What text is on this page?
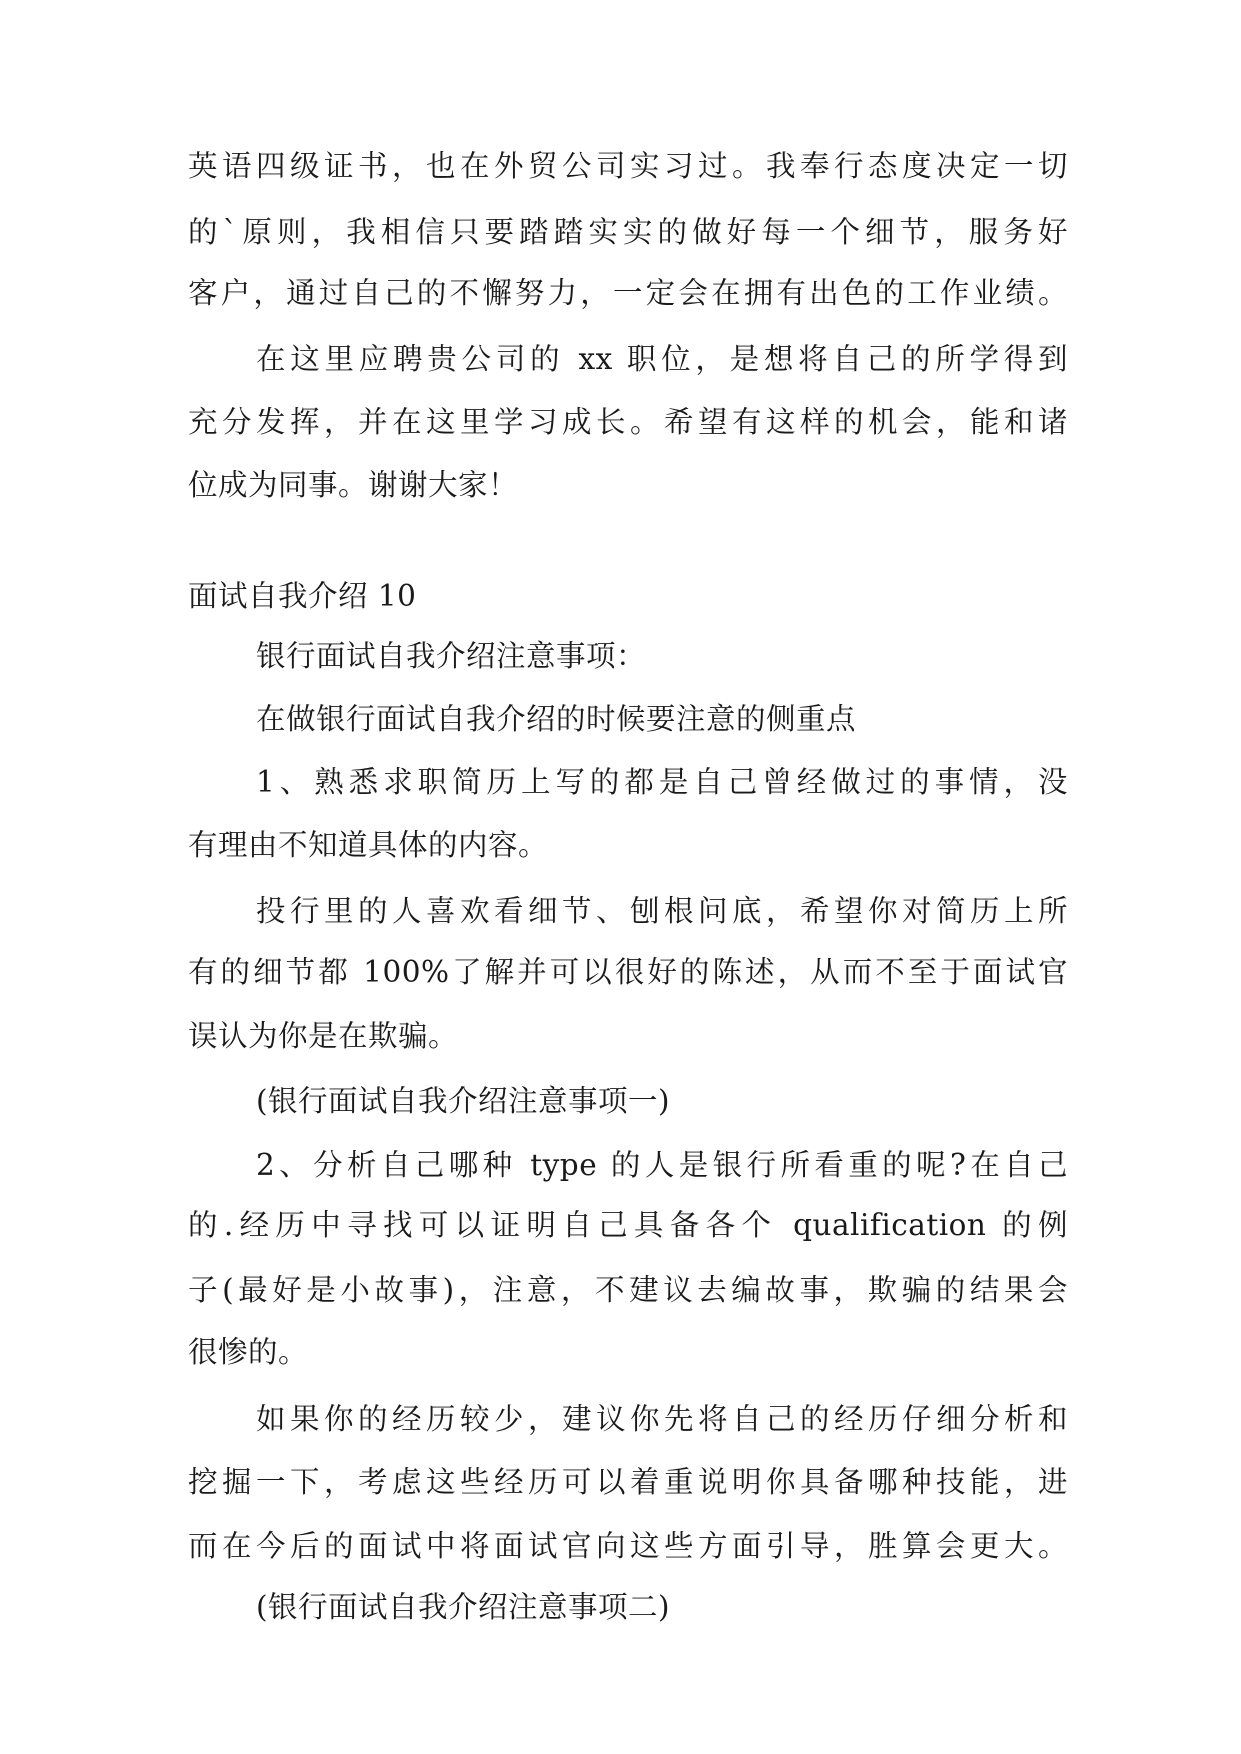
英语四级证书，也在外贸公司实习过。我奉行态度决定一切
的`原则，我相信只要踏踏实实的做好每一个细节，服务好
客户，通过自己的不懈努力，一定会在拥有出色的工作业绩。
在这里应聘贵公司的 xx 职位，是想将自己的所学得到
充分发挥，并在这里学习成长。希望有这样的机会，能和诸
位成为同事。谢谢大家！
面试自我介绍 10
银行面试自我介绍注意事项：
在做银行面试自我介绍的时候要注意的侧重点
1、熟悉求职简历上写的都是自己曾经做过的事情，没
有理由不知道具体的内容。
投行里的人喜欢看细节、刨根问底，希望你对简历上所
有的细节都 100%了解并可以很好的陈述，从而不至于面试官
误认为你是在欺骗。
(银行面试自我介绍注意事项一)
2、分析自己哪种 type 的人是银行所看重的呢?在自己
的.经历中寻找可以证明自己具备各个 qualification 的例
子(最好是小故事)，注意，不建议去编故事，欺骗的结果会
很惨的。
如果你的经历较少，建议你先将自己的经历仔细分析和
挖掘一下，考虑这些经历可以着重说明你具备哪种技能，进
而在今后的面试中将面试官向这些方面引导，胜算会更大。
(银行面试自我介绍注意事项二)
